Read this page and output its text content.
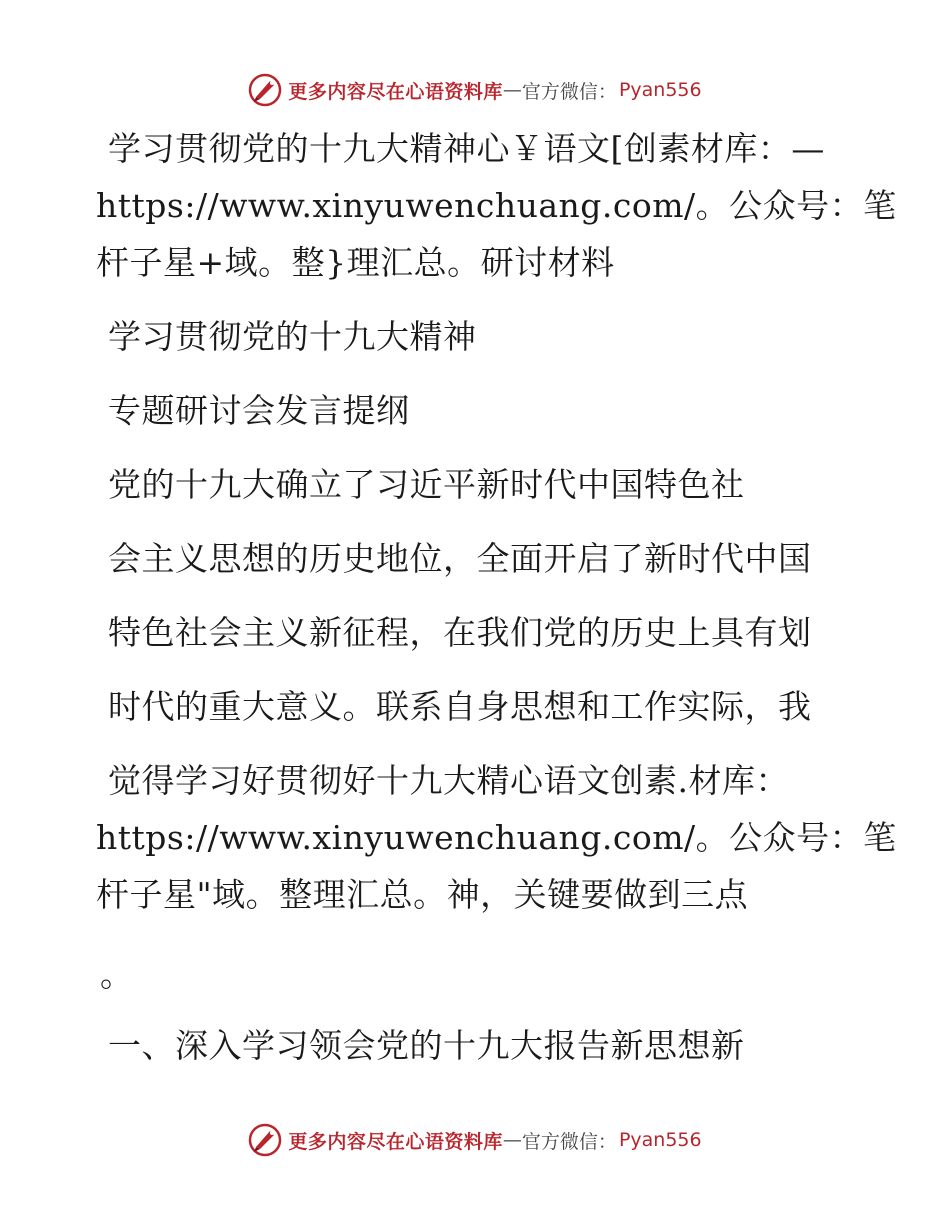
更多内容尽在心语资料库 — 官方微信： Pyan556
学习贯彻党的十九大精神心￥语文[创素材库：—
https://www.xinyuwenchuang.com/。公众号：笔
杆子星+域。整}理汇总。研讨材料
学习贯彻党的十九大精神
专题研讨会发言提纲
党的十九大确立了习近平新时代中国特色社
会主义思想的历史地位，全面开启了新时代中国
特色社会主义新征程，在我们党的历史上具有划
时代的重大意义。联系自身思想和工作实际，我
觉得学习好贯彻好十九大精心语文创素.材库：
https://www.xinyuwenchuang.com/。公众号：笔
杆子星"域。整理汇总。神，关键要做到三点
。
一、深入学习领会党的十九大报告新思想新
更多内容尽在心语资料库 — 官方微信： Pyan556
